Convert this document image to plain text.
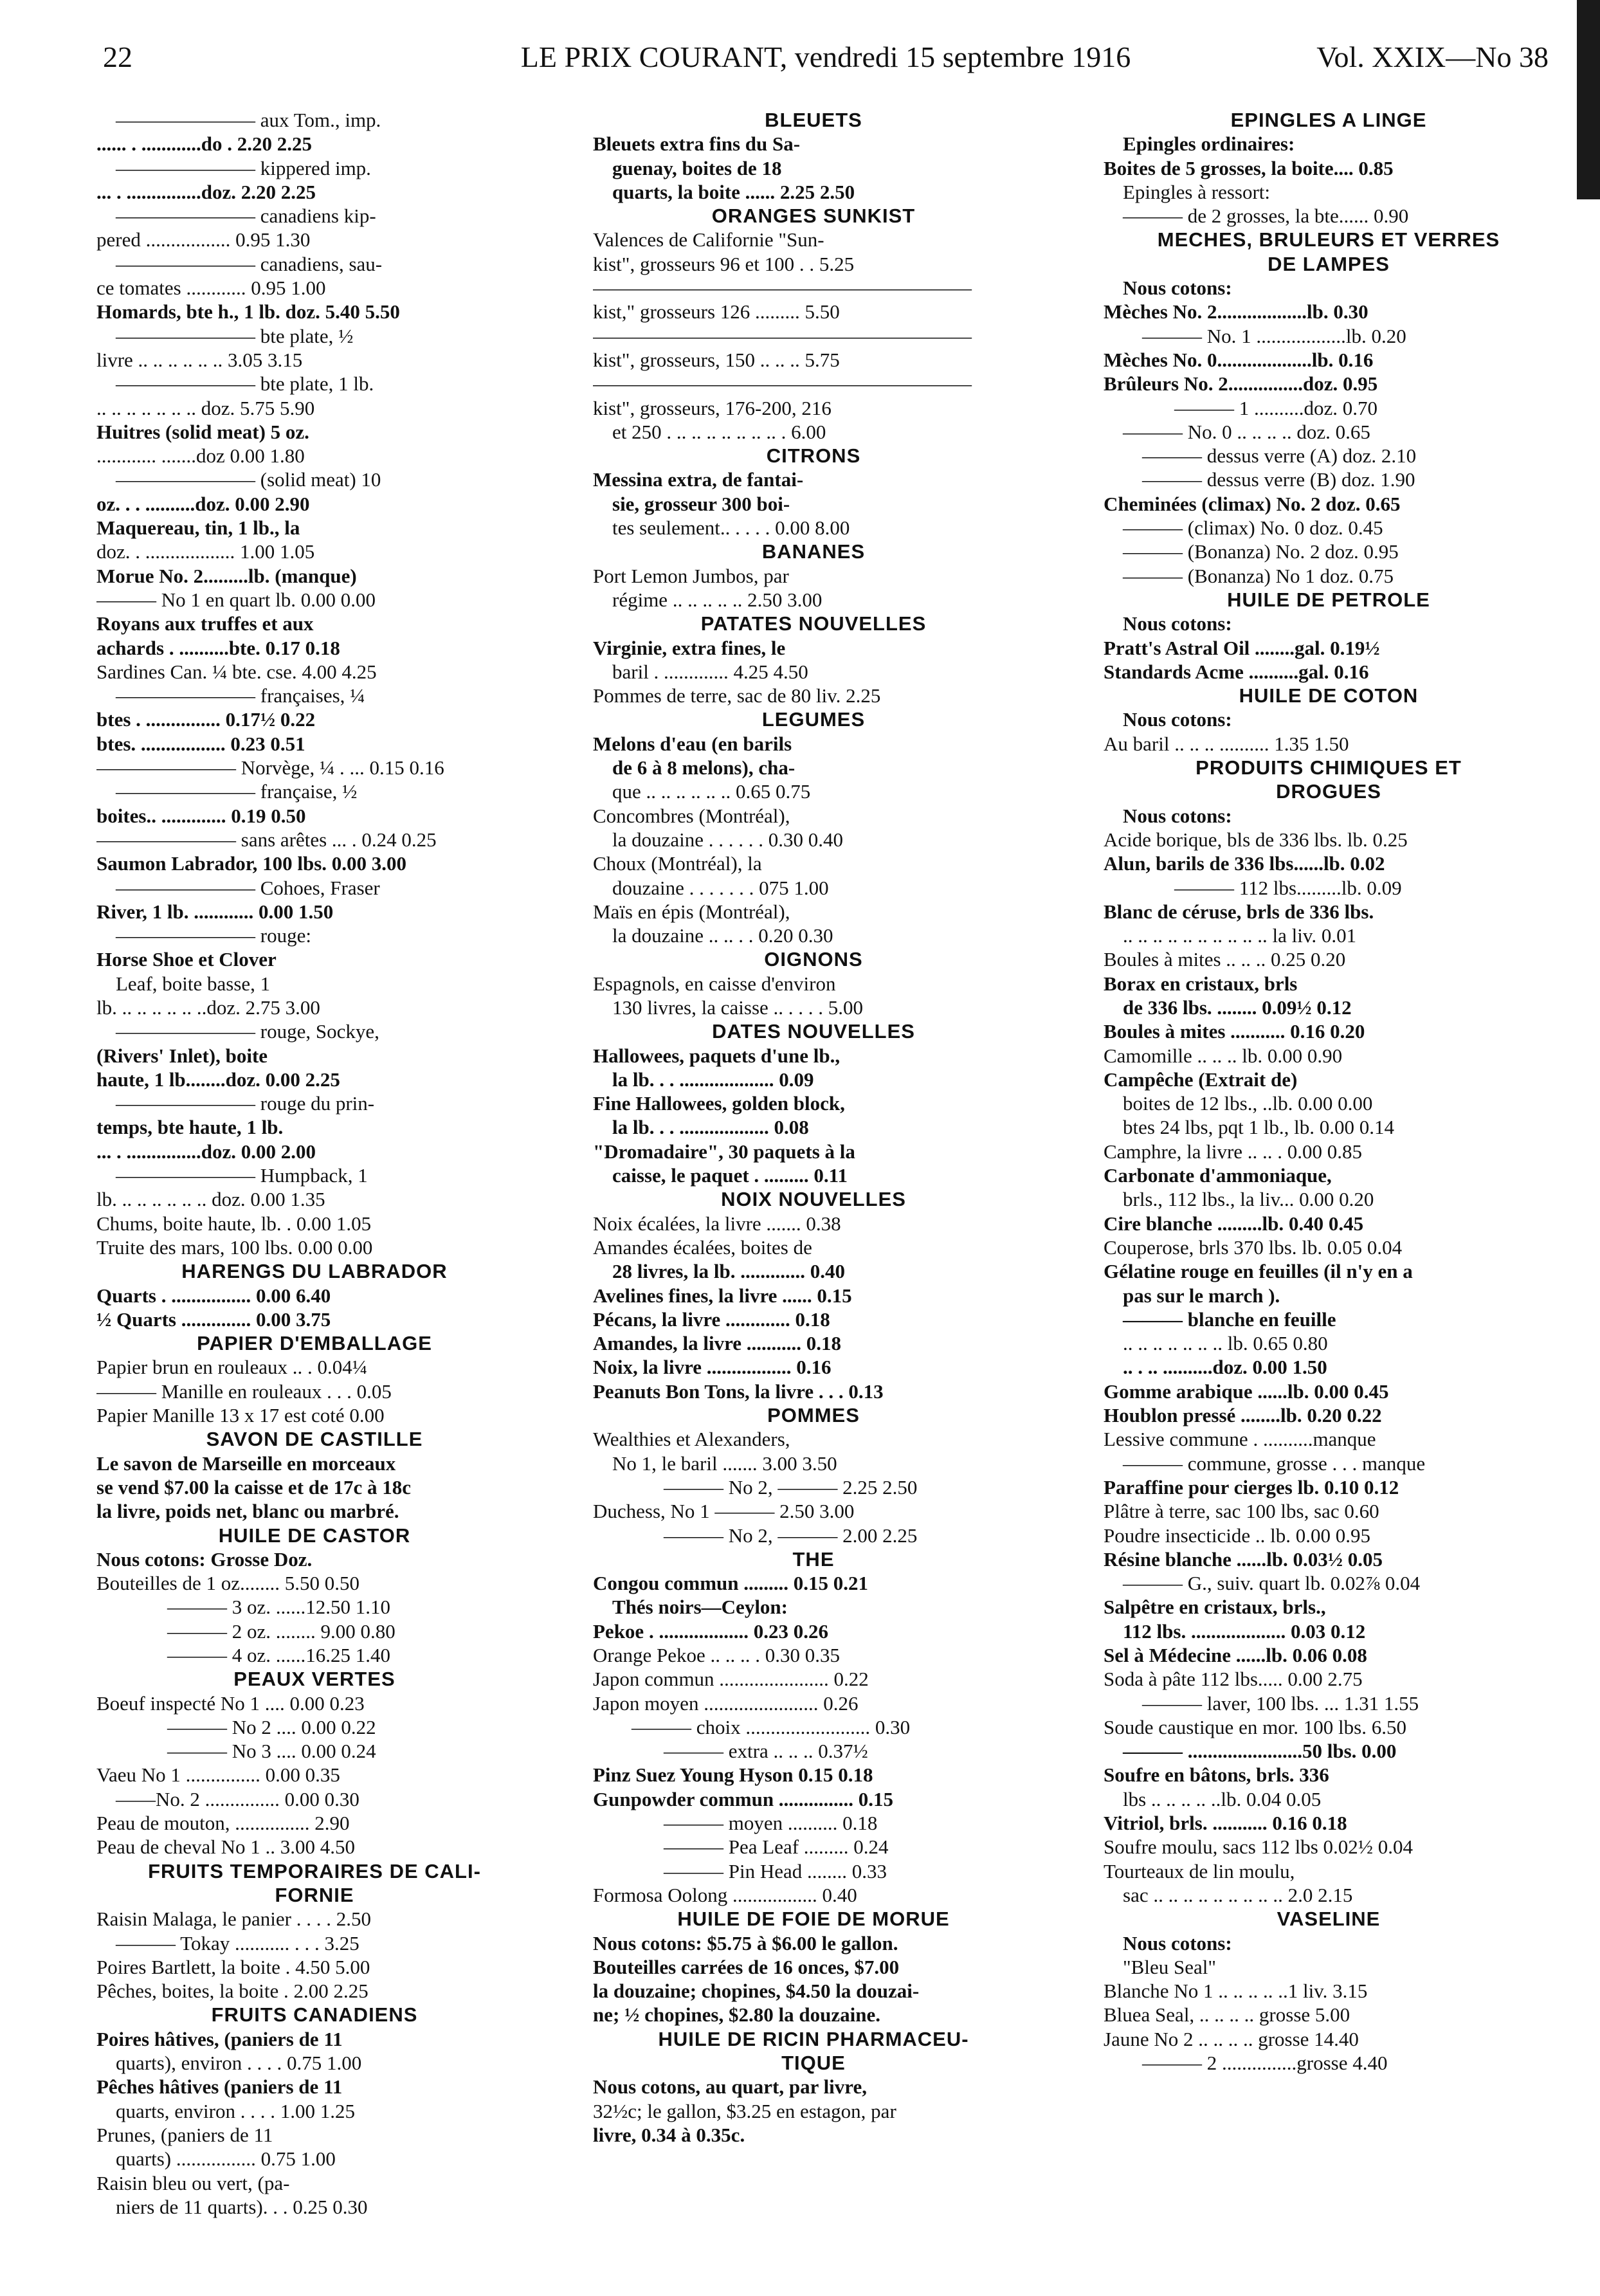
22	LE PRIX COURANT, vendredi 15 septembre 1916	Vol. XXIX—No 38
——————— aux Tom., imp.
...... . ............do . 2.20 2.25
——————— kippered imp.
... . ...............doz. 2.20 2.25
——————— canadiens kip-
pered ................. 0.95 1.30
——————— canadiens, sau-
ce tomates ............ 0.95 1.00
Homards, bte h., 1 lb. doz. 5.40 5.50
——————— bte plate, ½
livre .. .. .. .. .. .. 3.05 3.15
——————— bte plate, 1 lb.
.. .. .. .. .. .. .. doz. 5.75 5.90
Huitres (solid meat) 5 oz.
............ .......doz 0.00 1.80
——————— (solid meat) 10
oz. . . ..........doz. 0.00 2.90
Maquereau, tin, 1 lb., la
doz. . .................. 1.00 1.05
Morue No. 2.........lb. (manque)
——— No 1 en quart lb. 0.00 0.00
Royans aux truffes et aux
achards . ..........bte. 0.17 0.18
Sardines Can. ¼ bte. cse. 4.00 4.25
——————— françaises, ¼
btes . ............... 0.17½ 0.22
btes. ................. 0.23 0.51
——————— Norvège, ¼ . ... 0.15 0.16
——————— française, ½
boites.. ............. 0.19 0.50
——————— sans arêtes ... . 0.24 0.25
Saumon Labrador, 100 lbs. 0.00 3.00
——————— Cohoes, Fraser
River, 1 lb. ............ 0.00 1.50
——————— rouge:
Horse Shoe et Clover
Leaf, boite basse, 1
lb. .. .. .. .. .. ..doz. 2.75 3.00
——————— rouge, Sockye,
(Rivers' Inlet), boite
haute, 1 lb........doz. 0.00 2.25
——————— rouge du prin-
temps, bte haute, 1 lb.
... . ...............doz. 0.00 2.00
——————— Humpback, 1
lb. .. .. .. .. .. .. doz. 0.00 1.35
Chums, boite haute, lb. . 0.00 1.05
Truite des mars, 100 lbs. 0.00 0.00
HARENGS DU LABRADOR
Quarts . ................ 0.00 6.40
½ Quarts .............. 0.00 3.75
PAPIER D'EMBALLAGE
Papier brun en rouleaux .. . 0.04¼
——— Manille en rouleaux . . . 0.05
Papier Manille 13 x 17 est coté 0.00
SAVON DE CASTILLE
Le savon de Marseille en morceaux
se vend $7.00 la caisse et de 17c à 18c
la livre, poids net, blanc ou marbré.
HUILE DE CASTOR
Nous cotons: Grosse Doz.
Bouteilles de 1 oz........ 5.50 0.50
——— 3 oz. ......12.50 1.10
——— 2 oz. ........ 9.00 0.80
——— 4 oz. ......16.25 1.40
PEAUX VERTES
Boeuf inspecté No 1 .... 0.00 0.23
——— No 2 .... 0.00 0.22
——— No 3 .... 0.00 0.24
Vaeu No 1 ............... 0.00 0.35
——No. 2 ............... 0.00 0.30
Peau de mouton, ............... 2.90
Peau de cheval No 1 .. 3.00 4.50
FRUITS TEMPORAIRES DE CALI-
FORNIE
Raisin Malaga, le panier . . . . 2.50
——— Tokay ........... . . . 3.25
Poires Bartlett, la boite . 4.50 5.00
Pêches, boites, la boite . 2.00 2.25
FRUITS CANADIENS
Poires hâtives, (paniers de 11
quarts), environ . . . . 0.75 1.00
Pêches hâtives (paniers de 11
quarts, environ . . . . 1.00 1.25
Prunes, (paniers de 11
quarts) ................ 0.75 1.00
Raisin bleu ou vert, (pa-
niers de 11 quarts). . . 0.25 0.30
BLEUETS
Bleuets extra fins du Sa-
guenay, boites de 18
quarts, la boite ...... 2.25 2.50
ORANGES SUNKIST
Valences de Californie "Sun-
kist", grosseurs 96 et 100 . . 5.25
———————————————————
kist," grosseurs 126 ......... 5.50
———————————————————
kist", grosseurs, 150 .. .. .. 5.75
———————————————————
kist", grosseurs, 176-200, 216
et 250 . .. .. .. .. .. .. .. . 6.00
CITRONS
Messina extra, de fantai-
sie, grosseur 300 boi-
tes seulement.. . . . . 0.00 8.00
BANANES
Port Lemon Jumbos, par
régime .. .. .. .. .. 2.50 3.00
PATATES NOUVELLES
Virginie, extra fines, le
baril . ............. 4.25 4.50
Pommes de terre, sac de 80 liv. 2.25
LEGUMES
Melons d'eau (en barils
de 6 à 8 melons), cha-
que .. .. .. .. .. .. 0.65 0.75
Concombres (Montréal),
la douzaine . . . . . . 0.30 0.40
Choux (Montréal), la
douzaine . . . . . . . 075 1.00
Maïs en épis (Montréal),
la douzaine .. .. . . 0.20 0.30
OIGNONS
Espagnols, en caisse d'environ
130 livres, la caisse .. . . . . 5.00
DATES NOUVELLES
Hallowees, paquets d'une lb.,
la lb. . . ................... 0.09
Fine Hallowees, golden block,
la lb. . . .................. 0.08
"Dromadaire", 30 paquets à la
caisse, le paquet . ......... 0.11
NOIX NOUVELLES
Noix écalées, la livre ....... 0.38
Amandes écalées, boites de
28 livres, la lb. ............. 0.40
Avelines fines, la livre ...... 0.15
Pécans, la livre ............. 0.18
Amandes, la livre ........... 0.18
Noix, la livre ................. 0.16
Peanuts Bon Tons, la livre . . . 0.13
POMMES
Wealthies et Alexanders,
No 1, le baril ....... 3.00 3.50
——— No 2, ——— 2.25 2.50
Duchess, No 1 ——— 2.50 3.00
——— No 2, ——— 2.00 2.25
THE
Congou commun ......... 0.15 0.21
Thés noirs—Ceylon:
Pekoe . .................. 0.23 0.26
Orange Pekoe .. .. .. . 0.30 0.35
Japon commun ...................... 0.22
Japon moyen ....................... 0.26
——— choix ......................... 0.30
——— extra .. .. .. 0.37½
Pinz Suez Young Hyson 0.15 0.18
Gunpowder commun ............... 0.15
——— moyen .......... 0.18
——— Pea Leaf ......... 0.24
——— Pin Head ........ 0.33
Formosa Oolong ................. 0.40
HUILE DE FOIE DE MORUE
Nous cotons: $5.75 à $6.00 le gallon.
Bouteilles carrées de 16 onces, $7.00
la douzaine; chopines, $4.50 la douzai-
ne; ½ chopines, $2.80 la douzaine.
HUILE DE RICIN PHARMACEU-
TIQUE
Nous cotons, au quart, par livre,
32½c; le gallon, $3.25 en estagon, par
livre, 0.34 à 0.35c.
EPINGLES A LINGE
Epingles ordinaires:
Boites de 5 grosses, la boite.... 0.85
Epingles à ressort:
——— de 2 grosses, la bte...... 0.90
MECHES, BRULEURS ET VERRES
DE LAMPES
Nous cotons:
Mèches No. 2..................lb. 0.30
——— No. 1 ..................lb. 0.20
Mèches No. 0...................lb. 0.16
Brûleurs No. 2...............doz. 0.95
——— 1 ..........doz. 0.70
——— No. 0 .. .. .. .. doz. 0.65
——— dessus verre (A) doz. 2.10
——— dessus verre (B) doz. 1.90
Cheminées (climax) No. 2 doz. 0.65
——— (climax) No. 0 doz. 0.45
——— (Bonanza) No. 2 doz. 0.95
——— (Bonanza) No 1 doz. 0.75
HUILE DE PETROLE
Nous cotons:
Pratt's Astral Oil ........gal. 0.19½
Standards Acme ..........gal. 0.16
HUILE DE COTON
Nous cotons:
Au baril .. .. .. .......... 1.35 1.50
PRODUITS CHIMIQUES ET
DROGUES
Nous cotons:
Acide borique, bls de 336 lbs. lb. 0.25
Alun, barils de 336 lbs......lb. 0.02
——— 112 lbs.........lb. 0.09
Blanc de céruse, brls de 336 lbs.
.. .. .. .. .. .. .. .. .. .. la liv. 0.01
Boules à mites .. .. .. 0.25 0.20
Borax en cristaux, brls
de 336 lbs. ........ 0.09½ 0.12
Boules à mites ........... 0.16 0.20
Camomille .. .. .. lb. 0.00 0.90
Campêche (Extrait de)
boites de 12 lbs., ..lb. 0.00 0.00
btes 24 lbs, pqt 1 lb., lb. 0.00 0.14
Camphre, la livre .. .. . 0.00 0.85
Carbonate d'ammoniaque,
brls., 112 lbs., la liv... 0.00 0.20
Cire blanche .........lb. 0.40 0.45
Couperose, brls 370 lbs. lb. 0.05 0.04
Gélatine rouge en feuilles (il n'y en a
pas sur le march ).
——— blanche en feuille
.. .. .. .. .. .. .. lb. 0.65 0.80
.. . .. ..........doz. 0.00 1.50
Gomme arabique ......lb. 0.00 0.45
Houblon pressé ........lb. 0.20 0.22
Lessive commune . ..........manque
——— commune, grosse . . . manque
Paraffine pour cierges lb. 0.10 0.12
Plâtre à terre, sac 100 lbs, sac 0.60
Poudre insecticide .. lb. 0.00 0.95
Résine blanche ......lb. 0.03½ 0.05
——— G., suiv. quart lb. 0.02⅞ 0.04
Salpêtre en cristaux, brls.,
112 lbs. ................... 0.03 0.12
Sel à Médecine ......lb. 0.06 0.08
Soda à pâte 112 lbs..... 0.00 2.75
——— laver, 100 lbs. ... 1.31 1.55
Soude caustique en mor. 100 lbs. 6.50
——— .......................50 lbs. 0.00
Soufre en bâtons, brls. 336
lbs .. .. .. .. ..lb. 0.04 0.05
Vitriol, brls. ........... 0.16 0.18
Soufre moulu, sacs 112 lbs 0.02½ 0.04
Tourteaux de lin moulu,
sac .. .. .. .. .. .. .. .. .. 2.0 2.15
VASELINE
Nous cotons:
"Bleu Seal"
Blanche No 1 .. .. .. .. ..1 liv. 3.15
Bluea Seal, .. .. .. .. grosse 5.00
Jaune No 2 .. .. .. .. grosse 14.40
——— 2 ...............grosse 4.40
